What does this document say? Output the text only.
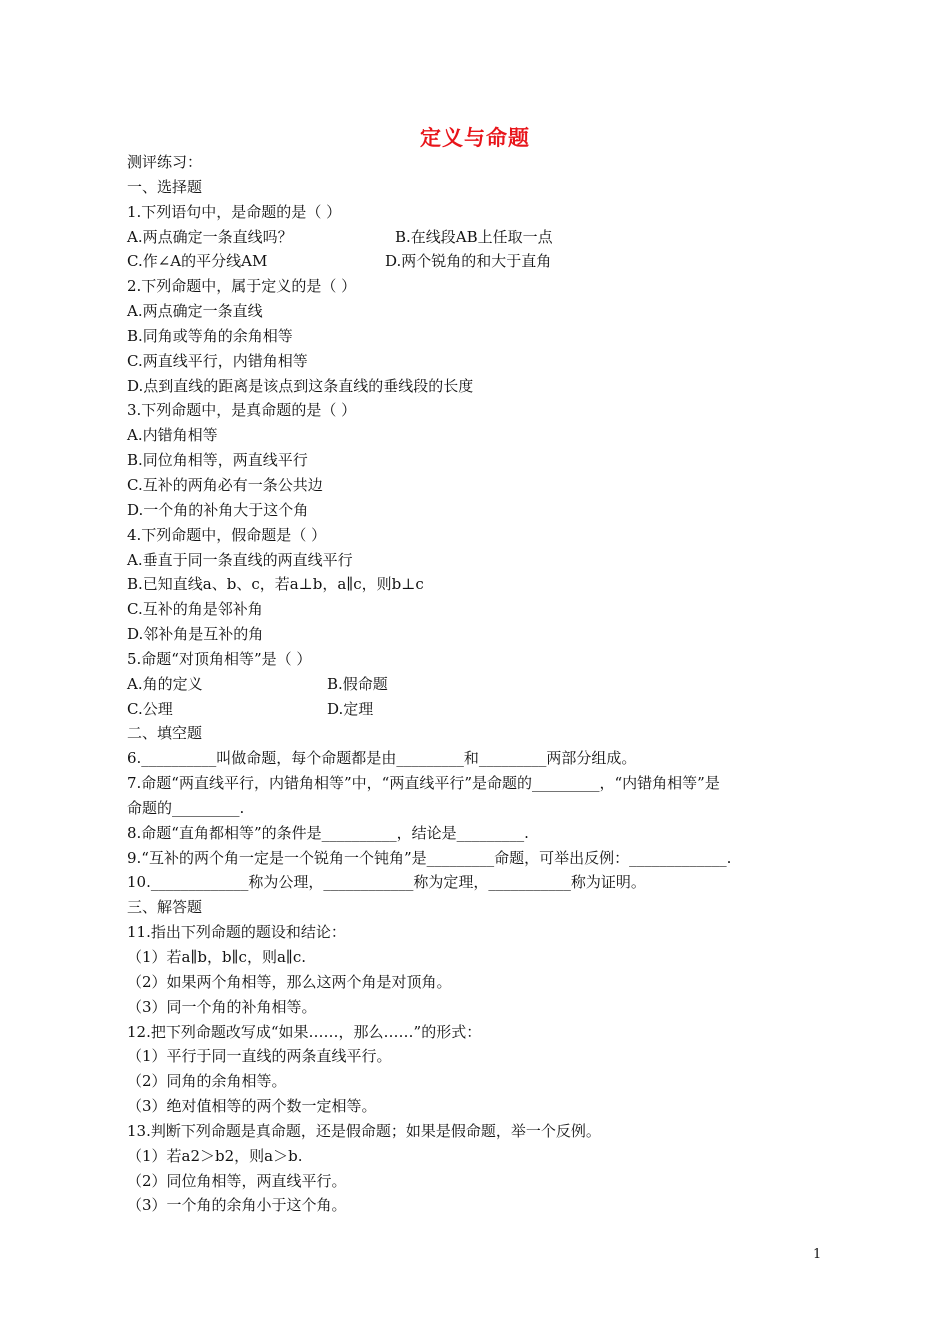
定义与命题
测评练习：
一、选择题
1.下列语句中，是命题的是（ ）
A.两点确定一条直线吗？	B.在线段AB上任取一点
C.作∠A的平分线AM	D.两个锐角的和大于直角
2.下列命题中，属于定义的是（ ）
A.两点确定一条直线
B.同角或等角的余角相等
C.两直线平行，内错角相等
D.点到直线的距离是该点到这条直线的垂线段的长度
3.下列命题中，是真命题的是（ ）
A.内错角相等
B.同位角相等，两直线平行
C.互补的两角必有一条公共边
D.一个角的补角大于这个角
4.下列命题中，假命题是（ ）
A.垂直于同一条直线的两直线平行
B.已知直线a、b、c，若a⊥b，a∥c，则b⊥c
C.互补的角是邻补角
D.邻补角是互补的角
5.命题“对顶角相等”是（ ）
A.角的定义	B.假命题
C.公理	D.定理
二、填空题
6.__________叫做命题，每个命题都是由_________和_________两部分组成。
7.命题“两直线平行，内错角相等”中，“两直线平行”是命题的_________，“内错角相等”是
命题的_________.
8.命题“直角都相等”的条件是__________，结论是_________.
9.“互补的两个角一定是一个锐角一个钝角”是_________命题，可举出反例：_____________.
10._____________称为公理，____________称为定理，___________称为证明。
三、解答题
11.指出下列命题的题设和结论：
（1）若a∥b，b∥c，则a∥c.
（2）如果两个角相等，那么这两个角是对顶角。
（3）同一个角的补角相等。
12.把下列命题改写成“如果……，那么……”的形式：
（1）平行于同一直线的两条直线平行。
（2）同角的余角相等。
（3）绝对值相等的两个数一定相等。
13.判断下列命题是真命题，还是假命题；如果是假命题，举一个反例。
（1）若a2＞b2，则a＞b.
（2）同位角相等，两直线平行。
（3）一个角的余角小于这个角。
1
